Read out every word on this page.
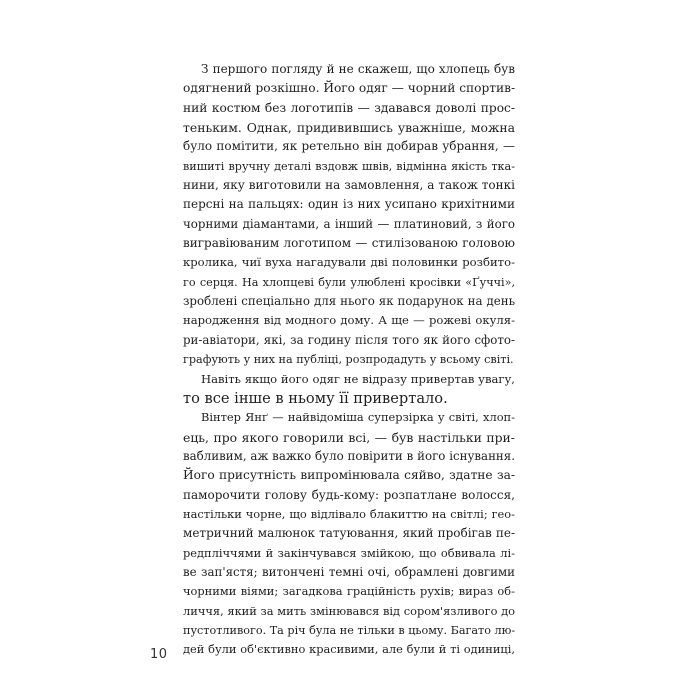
З першого погляду й не скажеш, що хлопець був
одягнений розкішно. Його одяг — чорний спортив-
ний костюм без логотипів — здавався доволі прос-
теньким. Однак, придивившись уважніше, можна
було помітити, як ретельно він добирав убрання, —
вишиті вручну деталі вздовж швів, відмінна якість тка-
нини, яку виготовили на замовлення, а також тонкі
персні на пальцях: один із них усипано крихітними
чорними діамантами, а інший — платиновий, з його
вигравіюваним логотипом — стилізованою головою
кролика, чиї вуха нагадували дві половинки розбито-
го серця. На хлопцеві були улюблені кросівки «Ґуччі»,
зроблені спеціально для нього як подарунок на день
народження від модного дому. А ще — рожеві окуля-
ри-авіатори, які, за годину після того як його сфото-
графують у них на публіці, розпродадуть у всьому світі.
Навіть якщо його одяг не відразу привертав увагу,
то все інше в ньому її привертало.
Вінтер Янґ — найвідоміша суперзірка у світі, хлоп-
ець, про якого говорили всі, — був настільки при-
вабливим, аж важко було повірити в його існування.
Його присутність випромінювала сяйво, здатне за-
паморочити голову будь-кому: розпатлане волосся,
настільки чорне, що відлівало блакиттю на світлі; гео-
метричний малюнок татуювання, який пробігав пе-
редпліччями й закінчувався змійкою, що обвивала лі-
ве зап'ястя; витончені темні очі, обрамлені довгими
чорними віями; загадкова граційність рухів; вираз об-
личчя, який за мить змінювався від сором'язливого до
пустотливого. Та річ була не тільки в цьому. Багато лю-
дей були об'єктивно красивими, але були й ті одиниці,
10
